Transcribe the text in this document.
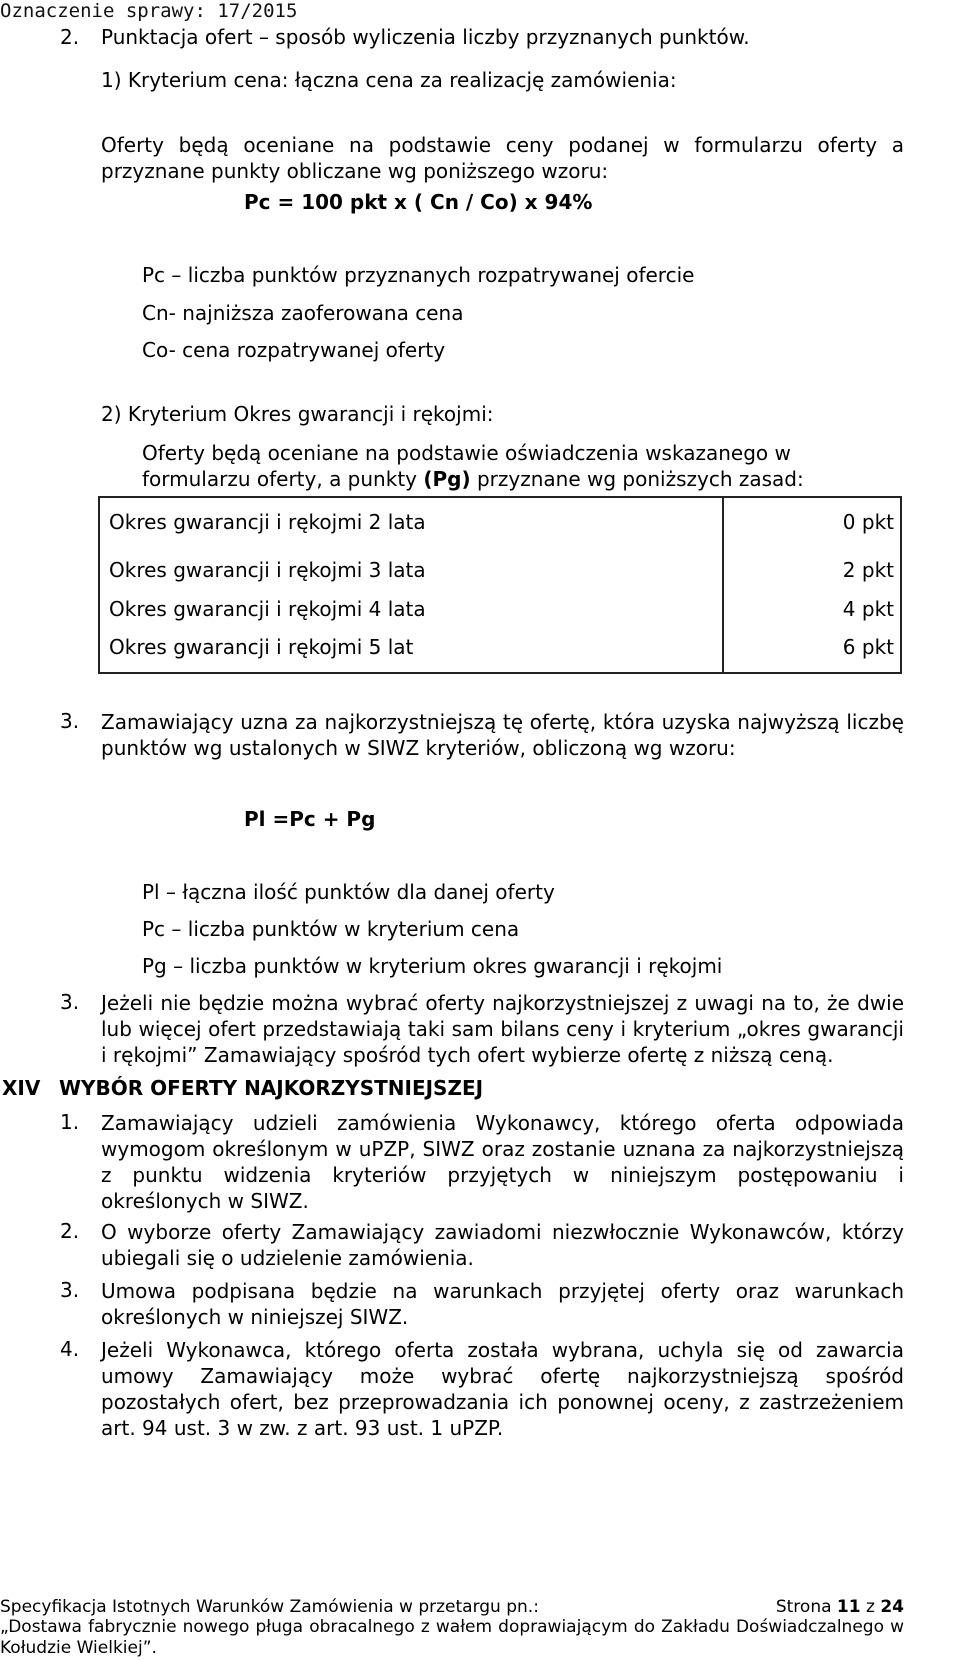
Oznaczenie sprawy: 17/2015
2.	Punktacja ofert – sposób wyliczenia liczby przyznanych punktów.
1) Kryterium cena: łączna cena za realizację zamówienia:
Oferty będą oceniane na podstawie ceny podanej w formularzu oferty a przyznane punkty obliczane wg poniższego wzoru:
Pc = 100 pkt x ( Cn / Co) x 94%
Pc – liczba punktów przyznanych rozpatrywanej ofercie
Cn- najniższa zaoferowana cena
Co- cena rozpatrywanej oferty
2) Kryterium Okres gwarancji i rękojmi:
Oferty będą oceniane na podstawie oświadczenia wskazanego w formularzu oferty, a punkty (Pg) przyznane wg poniższych zasad:
Okres gwarancji i rękojmi 2 lata	0 pkt
Okres gwarancji i rękojmi 3 lata	2 pkt
Okres gwarancji i rękojmi 4 lata	4 pkt
Okres gwarancji i rękojmi 5 lat	6 pkt
3.	Zamawiający uzna za najkorzystniejszą tę ofertę, która uzyska najwyższą liczbę punktów wg ustalonych w SIWZ kryteriów, obliczoną wg wzoru:
Pl =Pc + Pg
Pl – łączna ilość punktów dla danej oferty
Pc – liczba punktów w kryterium cena
Pg – liczba punktów w kryterium okres gwarancji i rękojmi
3.	Jeżeli nie będzie można wybrać oferty najkorzystniejszej z uwagi na to, że dwie lub więcej ofert przedstawiają taki sam bilans ceny i kryterium „okres gwarancji i rękojmi” Zamawiający spośród tych ofert wybierze ofertę z niższą ceną.
XIV WYBÓR OFERTY NAJKORZYSTNIEJSZEJ
1.	Zamawiający udzieli zamówienia Wykonawcy, którego oferta odpowiada wymogom określonym w uPZP, SIWZ oraz zostanie uznana za najkorzystniejszą z punktu widzenia kryteriów przyjętych w niniejszym postępowaniu i określonych w SIWZ.
2.	O wyborze oferty Zamawiający zawiadomi niezwłocznie Wykonawców, którzy ubiegali się o udzielenie zamówienia.
3.	Umowa podpisana będzie na warunkach przyjętej oferty oraz warunkach określonych w niniejszej SIWZ.
4.	Jeżeli Wykonawca, którego oferta została wybrana, uchyla się od zawarcia umowy Zamawiający może wybrać ofertę najkorzystniejszą spośród pozostałych ofert, bez przeprowadzania ich ponownej oceny, z zastrzeżeniem art. 94 ust. 3 w zw. z art. 93 ust. 1 uPZP.
Specyfikacja Istotnych Warunków Zamówienia w przetargu pn.:	Strona 11 z 24
„Dostawa fabrycznie nowego pługa obracalnego z wałem doprawiającym do Zakładu Doświadczalnego w Kołudzie Wielkiej”.
